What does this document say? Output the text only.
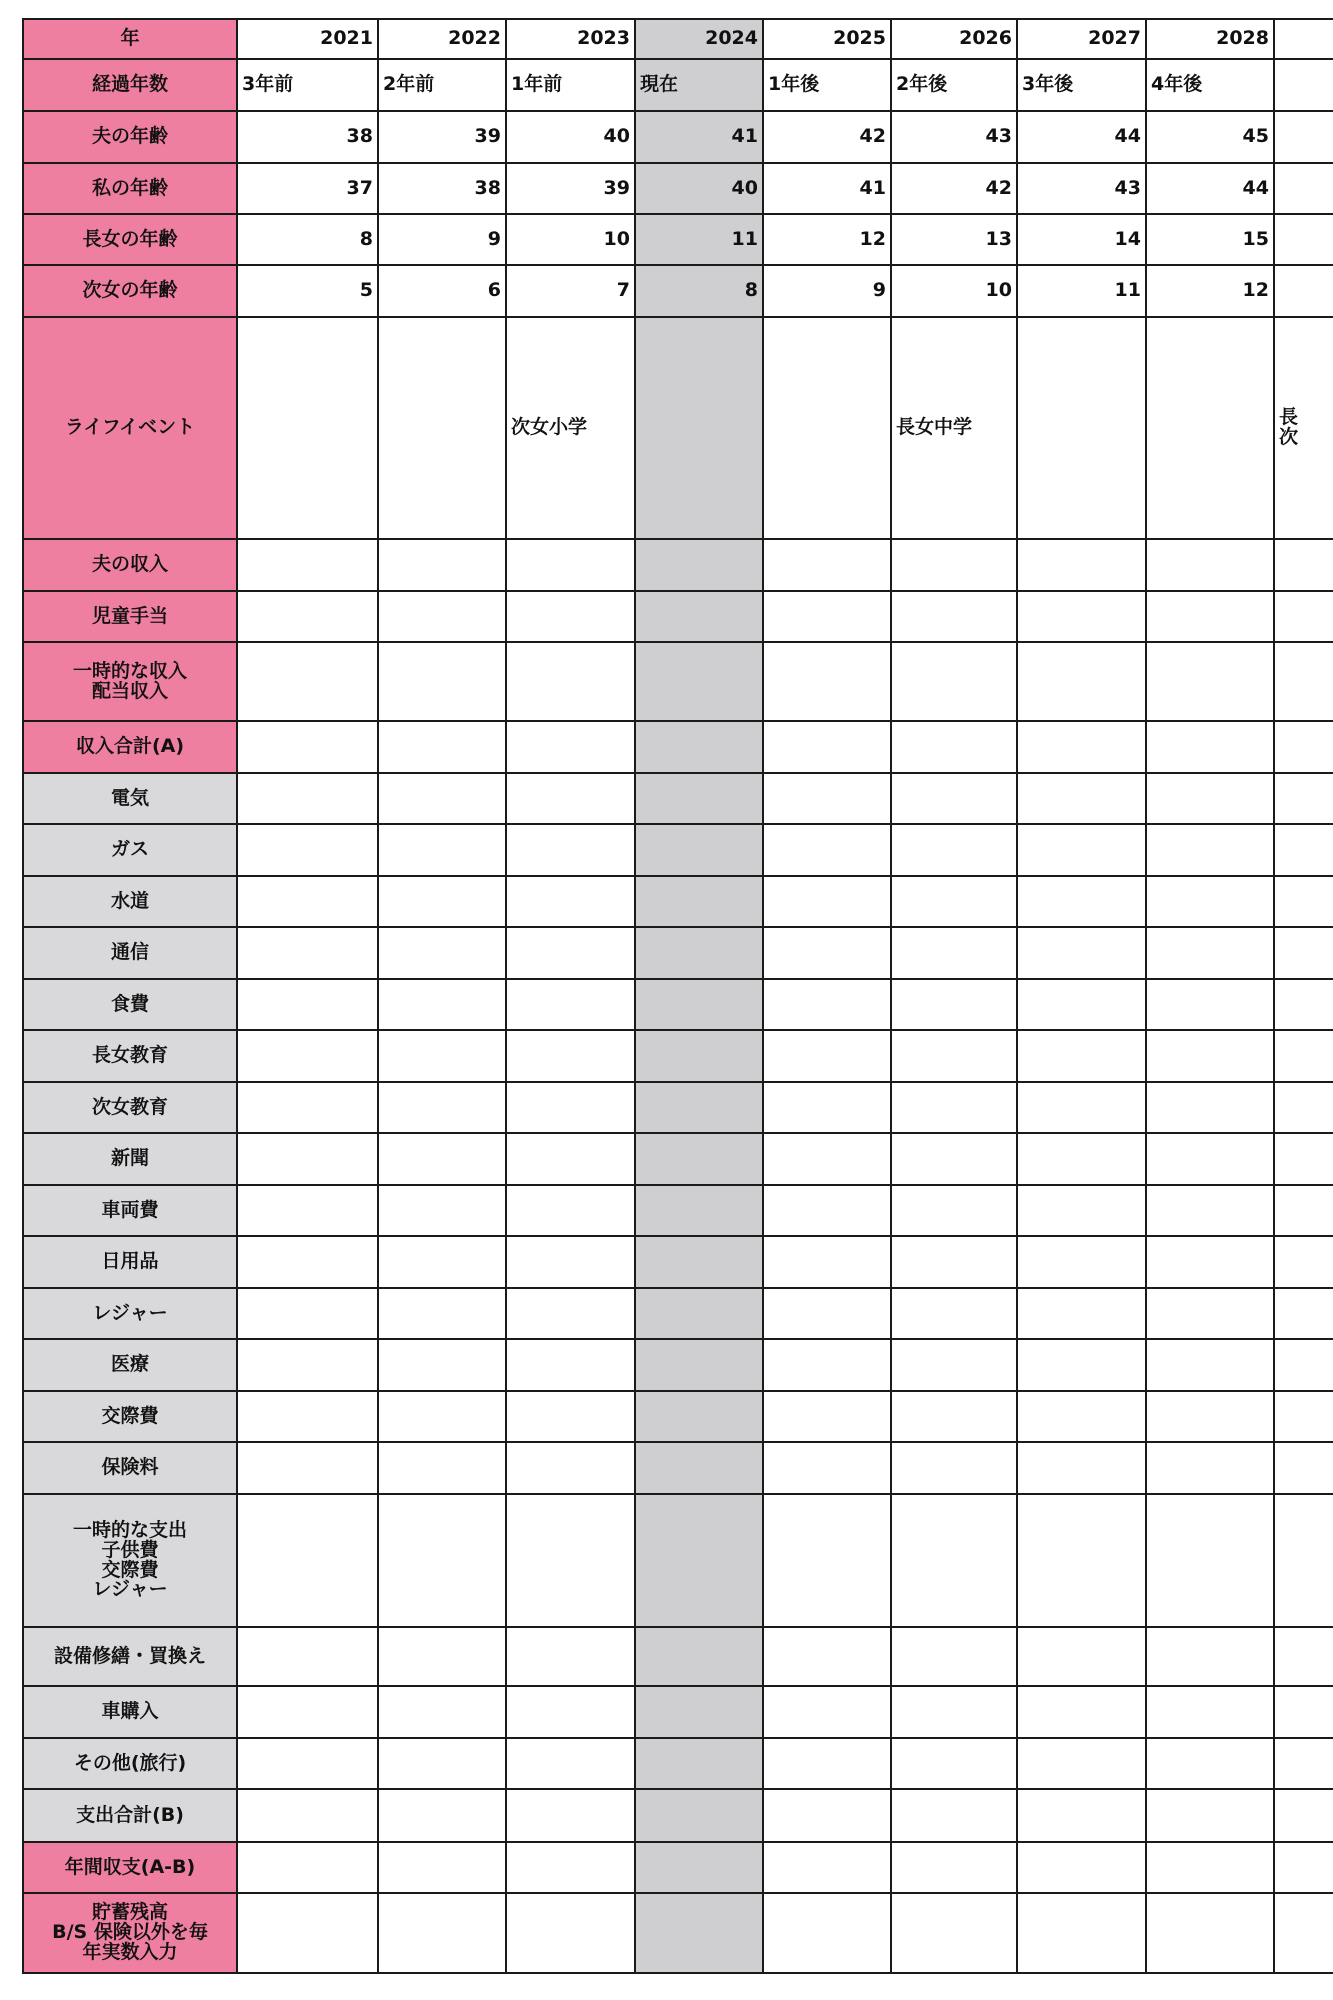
年	2021	2022	2023	2024	2025	2026	2027	2028	

経過年数	3年前	2年前	1年前	現在	1年後	2年後	3年後	4年後	

夫の年齢	38	39	40	41	42	43	44	45	

私の年齢	37	38	39	40	41	42	43	44	

長女の年齢	8	9	10	11	12	13	14	15	

次女の年齢	5	6	7	8	9	10	11	12	

ライフイベント			次女小学			長女中学			長
次

夫の収入									

児童手当									

一時的な収入
配当収入									

収入合計(A)									

電気									

ガス									

水道									

通信									

食費									

長女教育									

次女教育									

新聞									

車両費									

日用品									

レジャー									

医療									

交際費									

保険料									

一時的な支出
子供費
交際費
レジャー									

設備修繕・買換え									

車購入									

その他(旅行)									

支出合計(B)									

年間収支(A-B)									

貯蓄残高
B/S 保険以外を毎
年実数入力									
